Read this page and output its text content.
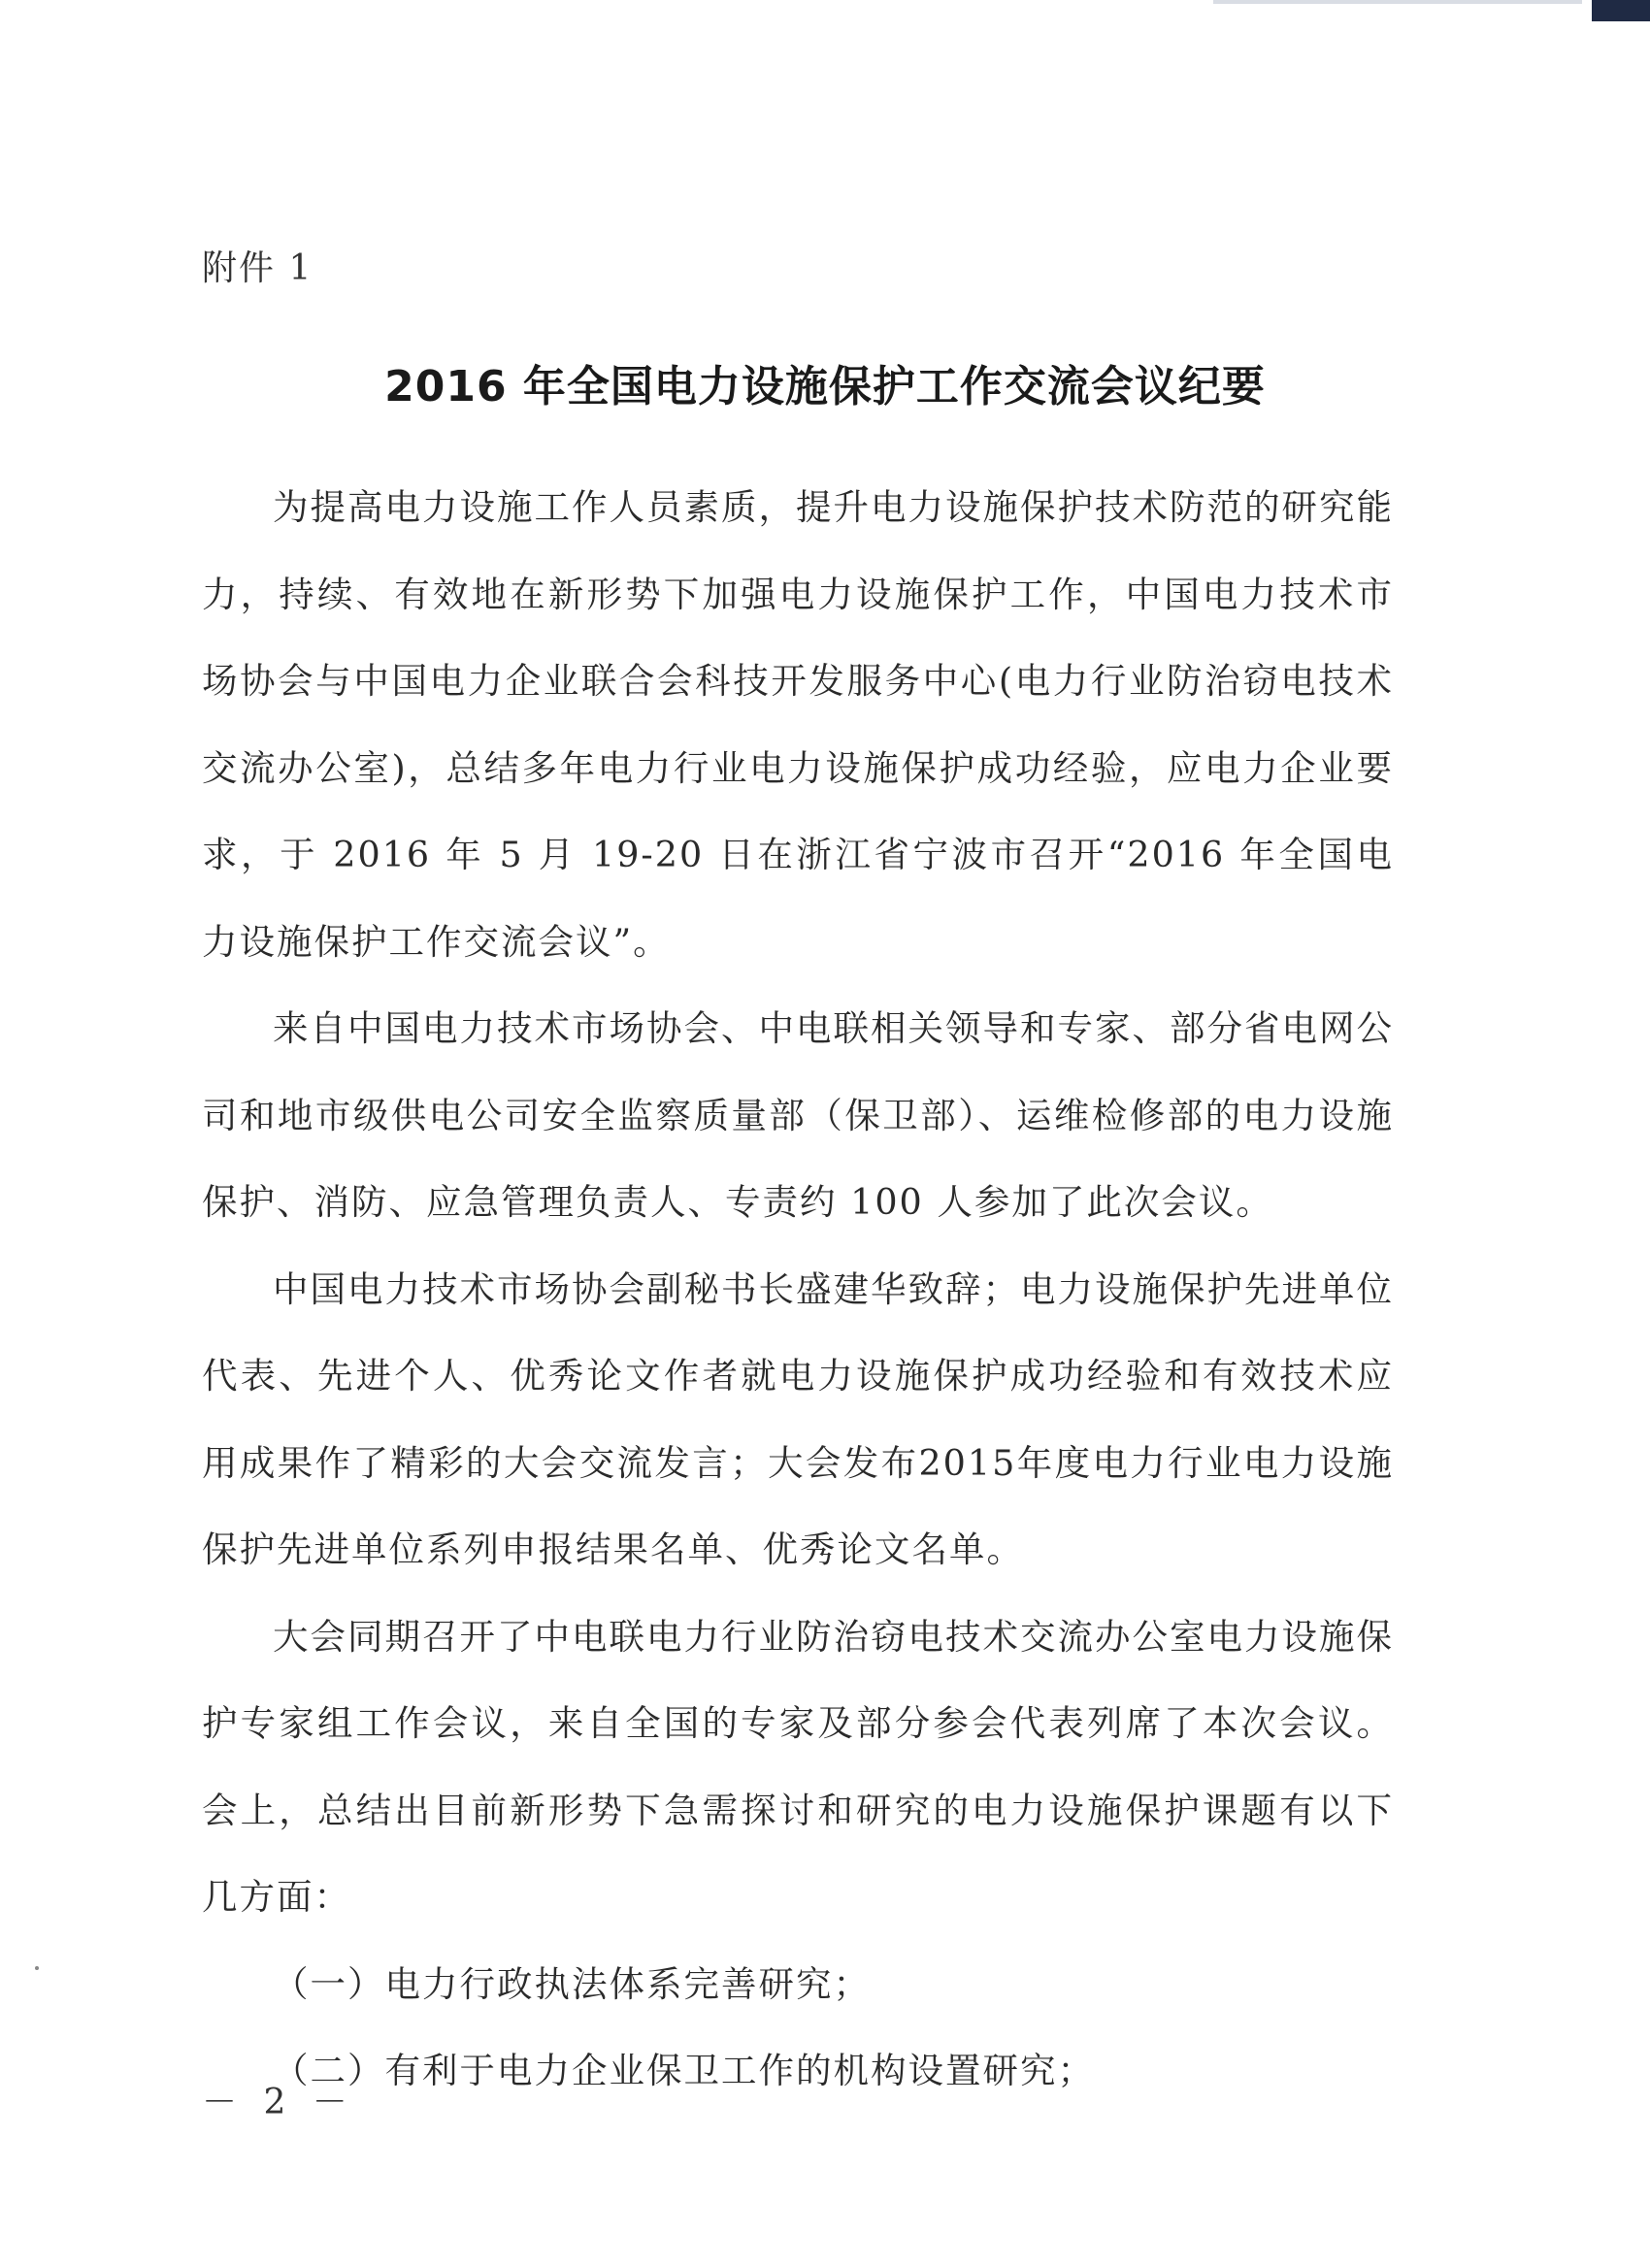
附件 1
2016 年全国电力设施保护工作交流会议纪要

为提高电力设施工作人员素质，提升电力设施保护技术防范的研究能力，持续、有效地在新形势下加强电力设施保护工作，中国电力技术市场协会与中国电力企业联合会科技开发服务中心(电力行业防治窃电技术交流办公室)，总结多年电力行业电力设施保护成功经验，应电力企业要求，于 2016 年 5 月 19-20 日在浙江省宁波市召开“2016 年全国电力设施保护工作交流会议”。

来自中国电力技术市场协会、中电联相关领导和专家、部分省电网公司和地市级供电公司安全监察质量部（保卫部）、运维检修部的电力设施保护、消防、应急管理负责人、专责约 100 人参加了此次会议。

中国电力技术市场协会副秘书长盛建华致辞；电力设施保护先进单位代表、先进个人、优秀论文作者就电力设施保护成功经验和有效技术应用成果作了精彩的大会交流发言；大会发布2015年度电力行业电力设施保护先进单位系列申报结果名单、优秀论文名单。

大会同期召开了中电联电力行业防治窃电技术交流办公室电力设施保护专家组工作会议，来自全国的专家及部分参会代表列席了本次会议。会上，总结出目前新形势下急需探讨和研究的电力设施保护课题有以下几方面：

（一）电力行政执法体系完善研究；

（二）有利于电力企业保卫工作的机构设置研究；

－ 2 －
